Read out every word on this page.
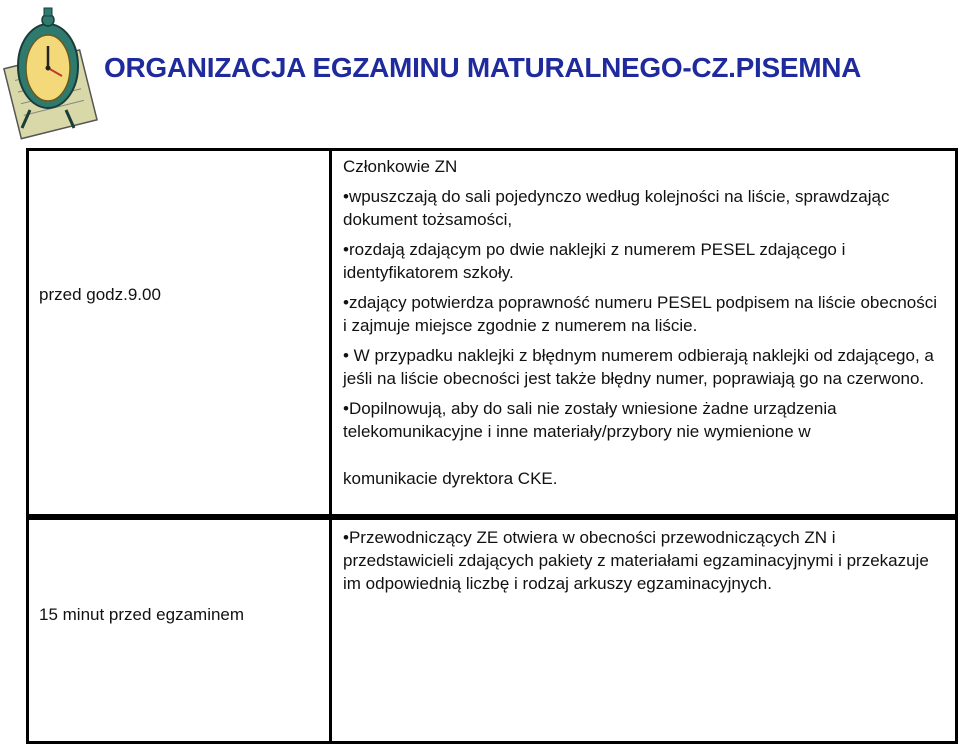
ORGANIZACJA EGZAMINU MATURALNEGO-CZ.PISEMNA
przed godz.9.00

Członkowie ZN

•wpuszczają do sali pojedynczo według kolejności na liście, sprawdzając dokument tożsamości,

•rozdają zdającym po dwie naklejki z numerem PESEL zdającego i identyfikatorem szkoły.

•zdający potwierdza poprawność numeru PESEL podpisem na liście obecności i zajmuje miejsce zgodnie z numerem na liście.

• W przypadku naklejki z błędnym numerem odbierają naklejki od zdającego, a jeśli na liście obecności jest także błędny numer, poprawiają go na czerwono.

•Dopilnowują, aby do sali nie zostały wniesione żadne urządzenia telekomunikacyjne i inne materiały/przybory nie wymienione w

komunikacie dyrektora CKE.

15 minut przed egzaminem

•Przewodniczący ZE otwiera w obecności przewodniczących ZN i przedstawicieli zdających pakiety z materiałami egzaminacyjnymi i przekazuje im odpowiednią liczbę i rodzaj arkuszy egzaminacyjnych.
